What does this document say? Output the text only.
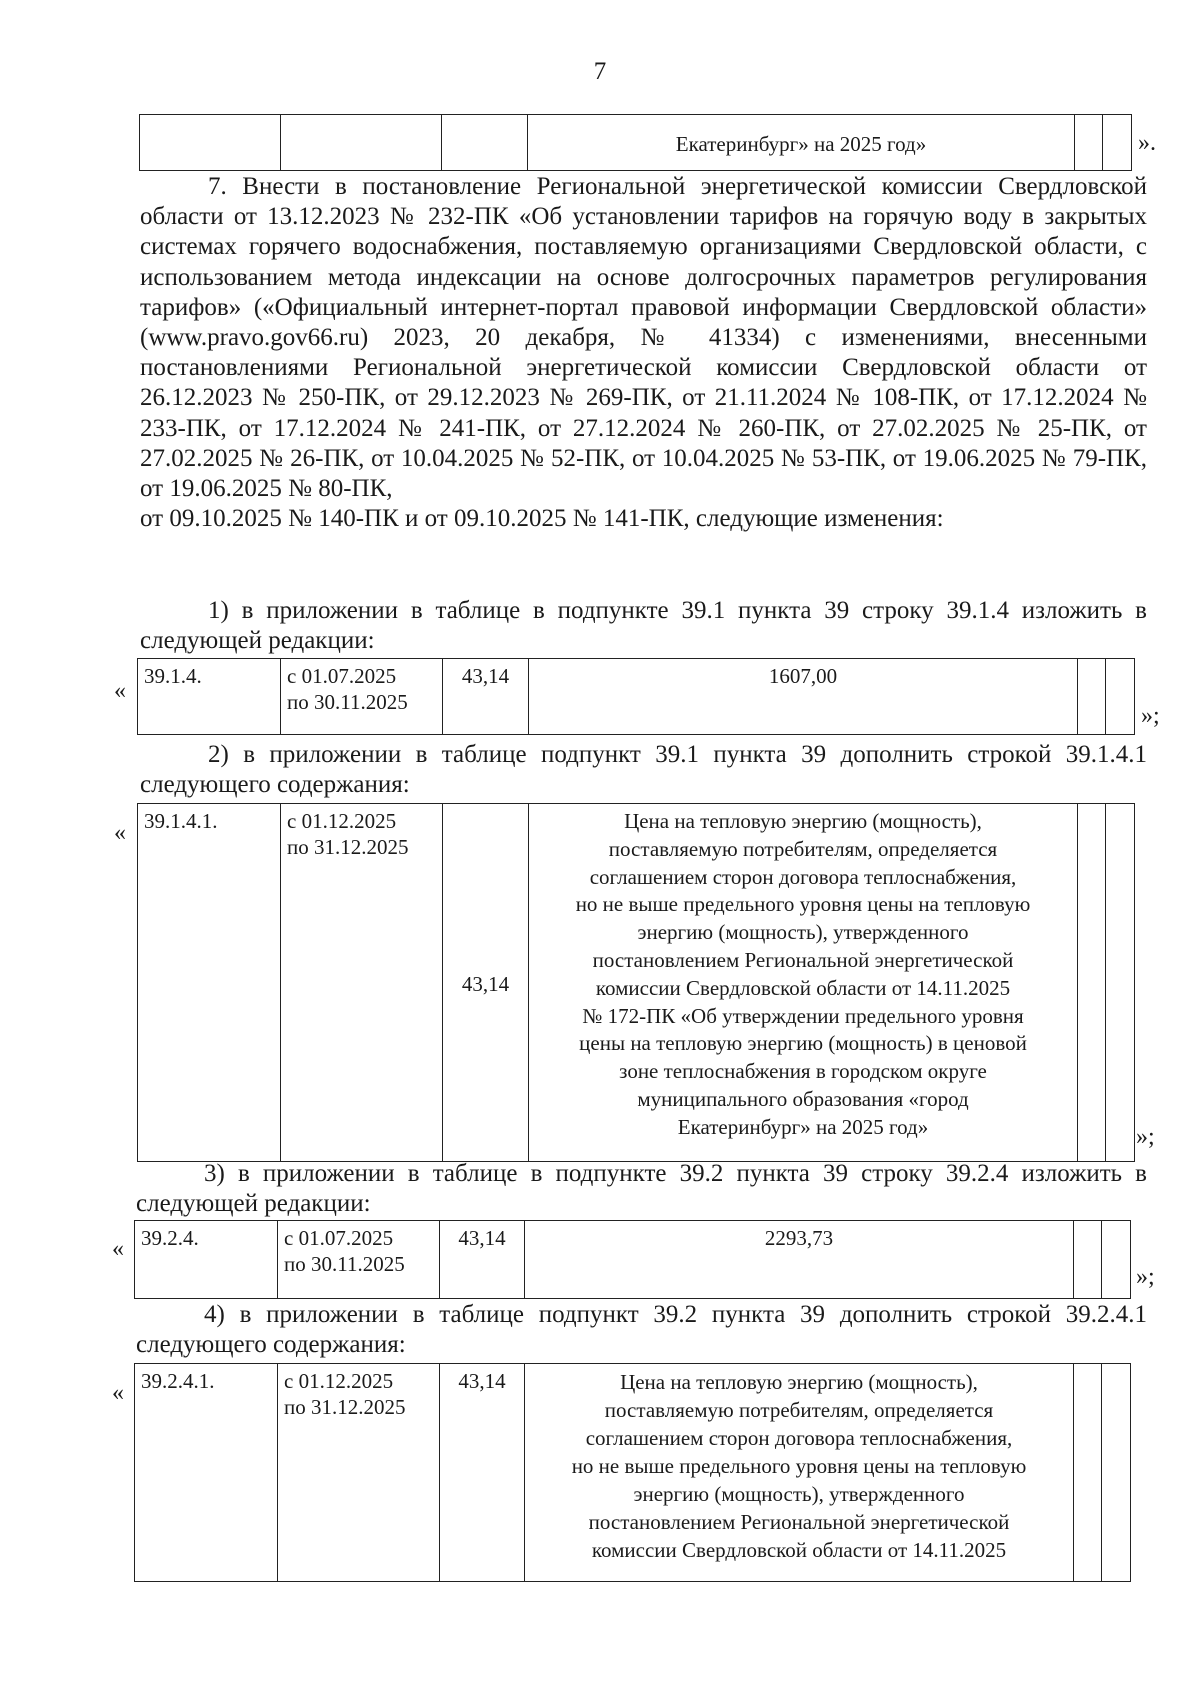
7
			Екатеринбург» на 2025 год»			».

7. Внести в постановление Региональной энергетической комиссии Свердловской области от 13.12.2023 № 232-ПК «Об установлении тарифов на горячую воду в закрытых системах горячего водоснабжения, поставляемую организациями Свердловской области, с использованием метода индексации на основе долгосрочных параметров регулирования тарифов» («Официальный интернет-портал правовой информации Свердловской области» (www.pravo.gov66.ru) 2023, 20 декабря, № 41334) с изменениями, внесенными постановлениями Региональной энергетической комиссии Свердловской области от 26.12.2023 № 250-ПК, от 29.12.2023 № 269-ПК, от 21.11.2024 № 108-ПК, от 17.12.2024 № 233-ПК, от 17.12.2024 № 241-ПК, от 27.12.2024 № 260-ПК, от 27.02.2025 № 25-ПК, от 27.02.2025 № 26-ПК, от 10.04.2025 № 52-ПК, от 10.04.2025 № 53-ПК, от 19.06.2025 № 79-ПК, от 19.06.2025 № 80-ПК,

от 09.10.2025 № 140-ПК и от 09.10.2025 № 141-ПК, следующие изменения:

1) в приложении в таблице в подпункте 39.1 пункта 39 строку 39.1.4 изложить в следующей редакции:

«
39.1.4.	с 01.07.2025
по 30.11.2025
	43,14	1607,00		
»;

2) в приложении в таблице подпункт 39.1 пункта 39 дополнить строкой 39.1.4.1 следующего содержания:

« 39.1.4.1.	с 01.12.2025
по 31.12.2025
	43,14	
Цена на тепловую энергию (мощность),
поставляемую потребителям, определяется
соглашением сторон договора теплоснабжения,
но не выше предельного уровня цены на тепловую
энергию (мощность), утвержденного
постановлением Региональной энергетической
комиссии Свердловской области от 14.11.2025
№ 172-ПК «Об утверждении предельного уровня
цены на тепловую энергию (мощность) в ценовой
зоне теплоснабжения в городском округе
муниципального образования «город
Екатеринбург» на 2025 год»
			»;

3) в приложении в таблице в подпункте 39.2 пункта 39 строку 39.2.4 изложить в следующей редакции:

« 39.2.4.	с 01.07.2025
по 30.11.2025
	43,14	2293,73		
»;

4) в приложении в таблице подпункт 39.2 пункта 39 дополнить строкой 39.2.4.1 следующего содержания:

« 39.2.4.1.	с 01.12.2025
по 31.12.2025
	43,14	Цена на тепловую энергию (мощность),
поставляемую потребителям, определяется
соглашением сторон договора теплоснабжения,
но не выше предельного уровня цены на тепловую
энергию (мощность), утвержденного
постановлением Региональной энергетической
комиссии Свердловской области от 14.11.2025
